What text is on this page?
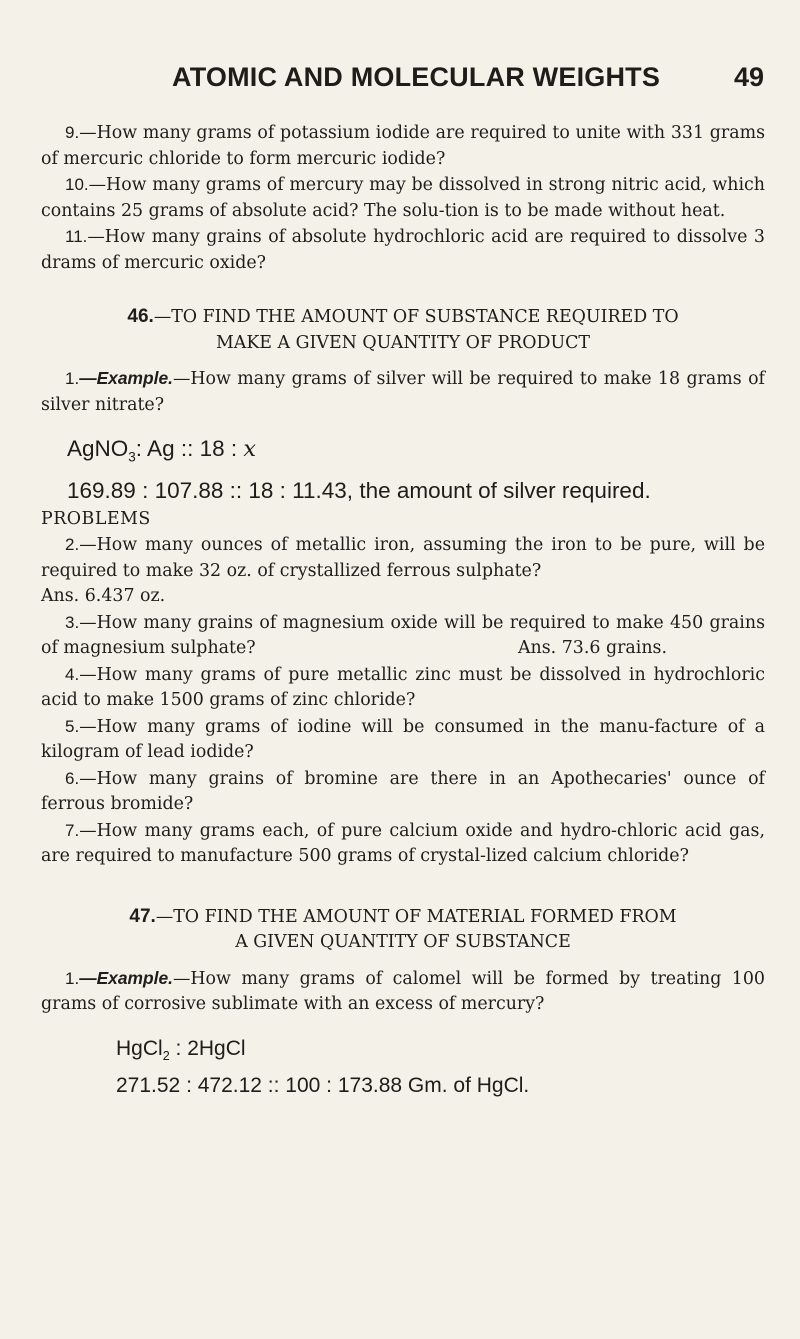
ATOMIC AND MOLECULAR WEIGHTS	49

9.—How many grams of potassium iodide are required to unite with 331 grams of mercuric chloride to form mercuric iodide?

10.—How many grams of mercury may be dissolved in strong nitric acid, which contains 25 grams of absolute acid? The solu-tion is to be made without heat.

11.—How many grains of absolute hydrochloric acid are required to dissolve 3 drams of mercuric oxide?

46.—TO FIND THE AMOUNT OF SUBSTANCE REQUIRED TO
MAKE A GIVEN QUANTITY OF PRODUCT

1.—Example.—How many grams of silver will be required to make 18 grams of silver nitrate?

AgNO$_3$: Ag :: 18 : x
169.89 : 107.88 :: 18 : 11.43, the amount of silver required.

PROBLEMS

2.—How many ounces of metallic iron, assuming the iron to be pure, will be required to make 32 oz. of crystallized ferrous sulphate?

Ans. 6.437 oz.

3.—How many grains of magnesium oxide will be required to make 450 grains of magnesium sulphate?	Ans. 73.6 grains.

4.—How many grams of pure metallic zinc must be dissolved in hydrochloric acid to make 1500 grams of zinc chloride?

5.—How many grams of iodine will be consumed in the manu-facture of a kilogram of lead iodide?

6.—How many grains of bromine are there in an Apothecaries' ounce of ferrous bromide?

7.—How many grams each, of pure calcium oxide and hydro-chloric acid gas, are required to manufacture 500 grams of crystal-lized calcium chloride?

47.—TO FIND THE AMOUNT OF MATERIAL FORMED FROM
A GIVEN QUANTITY OF SUBSTANCE

1.—Example.—How many grams of calomel will be formed by treating 100 grams of corrosive sublimate with an excess of mercury?

HgCl$_2$ : 2HgCl
271.52 : 472.12 :: 100 : 173.88 Gm. of HgCl.
